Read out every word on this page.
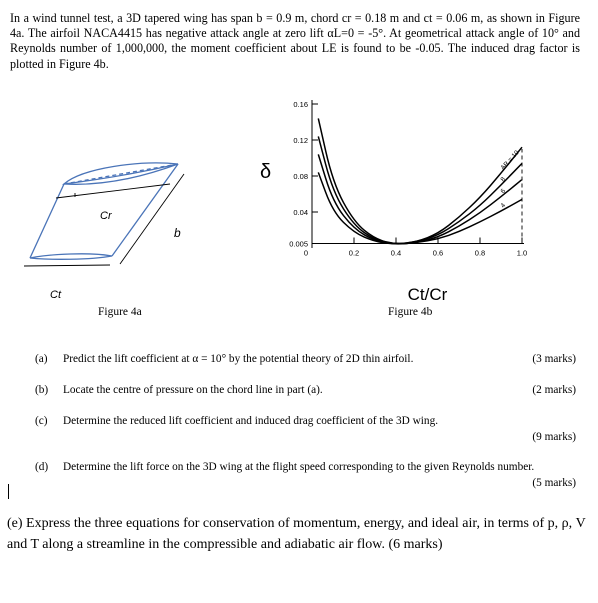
In a wind tunnel test, a 3D tapered wing has span b = 0.9 m, chord cr = 0.18 m and ct = 0.06 m, as shown in Figure 4a. The airfoil NACA4415 has negative attack angle at zero lift αL=0 = -5°. At geometrical attack angle of 10° and Reynolds number of 1,000,000, the moment coefficient about LE is found to be -0.05. The induced drag factor is plotted in Figure 4b.
Cr
b
Ct
Figure 4a
0.005
0.04
0.08
0.12
0.16
0	0.2	0.4	0.6	0.8	1.0
AR = 10
8
6
4
δ
Ct/Cr
Figure 4b
(a) Predict the lift coefficient at α = 10° by the potential theory of 2D thin airfoil.	(3 marks)
(b) Locate the centre of pressure on the chord line in part (a).	(2 marks)
(c) Determine the reduced lift coefficient and induced drag coefficient of the 3D wing.
(9 marks)
(d) Determine the lift force on the 3D wing at the flight speed corresponding to the given Reynolds number.
(5 marks)
(e) Express the three equations for conservation of momentum, energy, and ideal air, in terms of p, ρ, V and T along a streamline in the compressible and adiabatic air flow. (6 marks)
